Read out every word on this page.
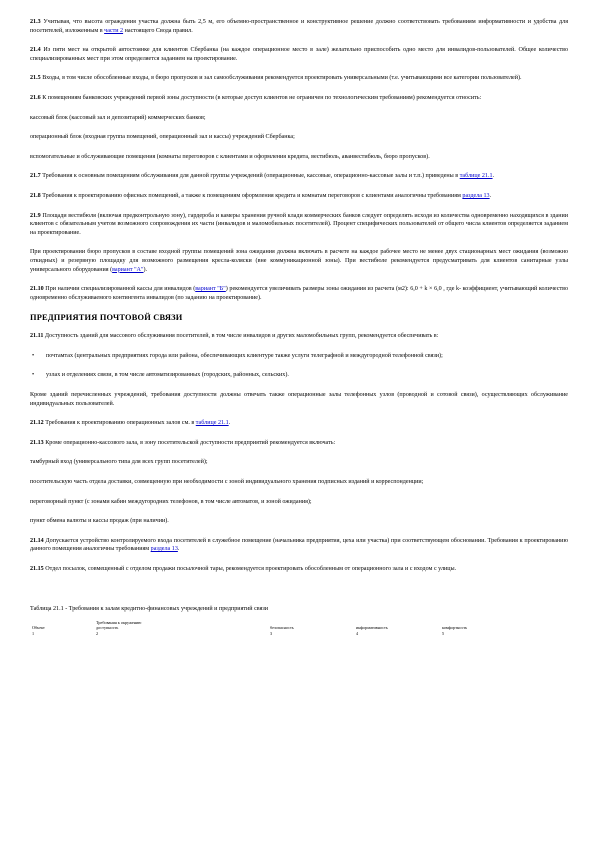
21.3 Учитывая, что высота ограждения участка должна быть 2,5 м, его объемно-пространственное и конструктивное решение должно соответствовать требованиям информативности и удобства для посетителей, изложенным в части 2 настоящего Свода правил.

21.4 Из пяти мест на открытой автостоянке для клиентов Сбербанка (на каждое операционное место в зале) желательно приспособить одно место для инвалидов-пользователей. Общее количество специализированных мест при этом определяется заданием на проектирование.

21.5 Входы, в том числе обособленные входы, в бюро пропусков и зал самообслуживания рекомендуется проектировать универсальными (т.е. учитывающими все категории пользователей).

21.6 К помещениям банковских учреждений первой зоны доступности (в которые доступ клиентов не ограничен по технологическим требованиям) рекомендуется относить:

кассовый блок (кассовый зал и депозитарий) коммерческих банков;

операционный блок (входная группа помещений, операционный зал и кассы) учреждений Сбербанка;

вспомогательные и обслуживающие помещения (комнаты переговоров с клиентами и оформления кредита, вестибюль, аванвестибюль, бюро пропусков).

21.7 Требования к основным помещениям обслуживания для данной группы учреждений (операционные, кассовые, операционно-кассовые залы и т.п.) приведены в таблице 21.1.

21.8 Требования к проектированию офисных помещений, а также к помещениям оформления кредита и комнатам переговоров с клиентами аналогичны требованиям раздела 13.

21.9 Площади вестибюля (включая предконтрольную зону), гардероба и камеры хранения ручной клади коммерческих банков следует определять исходя из количества одновременно находящихся в здании клиентов с обязательным учетом возможного сопровождения их части (инвалидов и маломобильных посетителей). Процент специфических пользователей от общего числа клиентов определяется заданием на проектирование.

При проектировании бюро пропусков в составе входной группы помещений зона ожидания должна включать в расчете на каждое рабочее место не менее двух стационарных мест ожидания (возможно откидных) и резервную площадку для возможного размещения кресла-коляски (вне коммуникационной зоны). При вестибюле рекомендуется предусматривать для клиентов санитарные узлы универсального оборудования (вариант "А").

21.10 При наличии специализированной кассы для инвалидов (вариант "Б") рекомендуется увеличивать размеры зоны ожидания из расчета (м2): 6,0 + k × 6,0 , где k- коэффициент, учитывающий количество одновременно обслуживаемого контингента инвалидов (по заданию на проектирование).

ПРЕДПРИЯТИЯ ПОЧТОВОЙ СВЯЗИ

21.11 Доступность зданий для массового обслуживания посетителей, в том числе инвалидов и других маломобильных групп, рекомендуется обеспечивать в:

• почтамтах (центральных предприятиях города или района, обеспечивающих клиентуре также услуги телеграфной и междугородной телефонной связи);
• узлах и отделениях связи, в том числе автоматизированных (городских, районных, сельских).

Кроме зданий перечисленных учреждений, требования доступности должны отвечать также операционные залы телефонных узлов (проводной и сотовой связи), осуществляющих обслуживание индивидуальных пользователей.

21.12 Требования к проектированию операционных залов см. в таблице 21.1.

21.13 Кроме операционно-кассового зала, в зону посетительской доступности предприятий рекомендуется включать:

тамбурный вход (универсального типа для всех групп посетителей);

посетительскую часть отдела доставки, совмещенную при необходимости с зоной индивидуального хранения подписных изданий и корреспонденции;

переговорный пункт (с зонами кабин междугородних телефонов, в том числе автоматов, и зоной ожидания);

пункт обмена валюты и кассы продаж (при наличии).

21.14 Допускается устройство контролируемого входа посетителей в служебное помещение (начальника предприятия, цеха или участка) при соответствующем обосновании. Требования к проектированию данного помещения аналогичны требованиям раздела 13.

21.15 Отдел посылок, совмещенный с отделом продажи посылочной тары, рекомендуется проектировать обособленным от операционного зала и с входом с улицы.

Таблица 21.1 - Требования к залам кредитно-финансовых учреждений и предприятий связи
	Требования к окружению			
Объект	доступность	безопасность	информативность	комфортность
1	2	3	4	5
